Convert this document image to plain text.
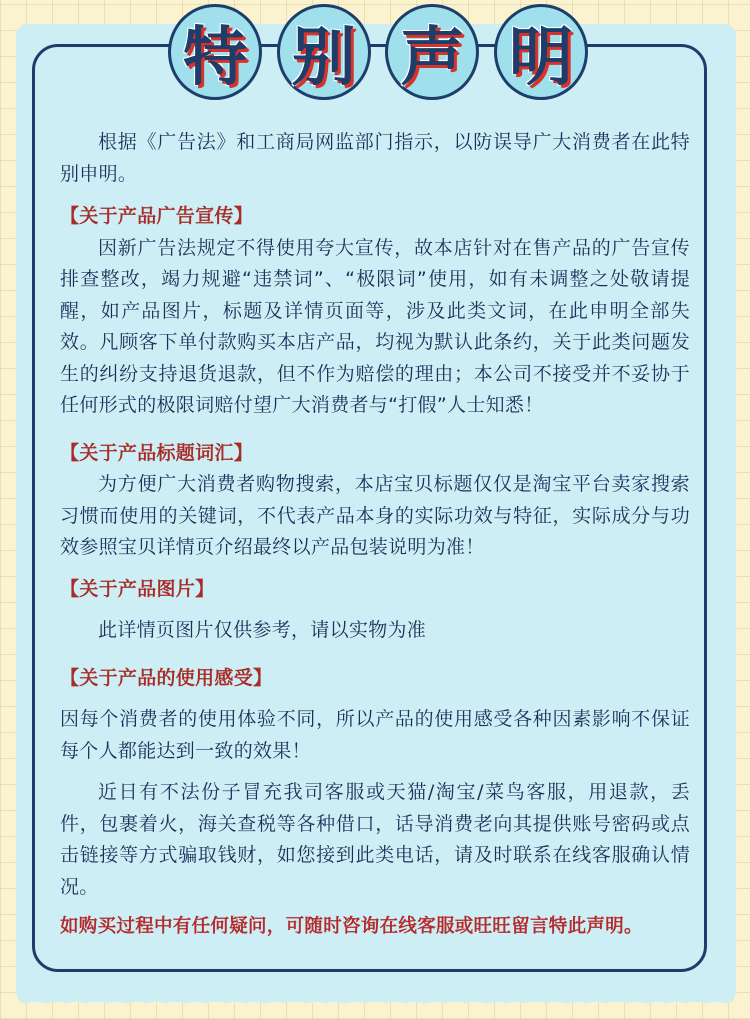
特 别 声 明

根据《广告法》和工商局网监部门指示，以防误导广大消费者在此特别申明。

【关于产品广告宣传】

因新广告法规定不得使用夸大宣传，故本店针对在售产品的广告宣传排查整改，竭力规避“违禁词”、“极限词”使用，如有未调整之处敬请提醒，如产品图片，标题及详情页面等，涉及此类文词，在此申明全部失效。凡顾客下单付款购买本店产品，均视为默认此条约，关于此类问题发生的纠纷支持退货退款，但不作为赔偿的理由；本公司不接受并不妥协于任何形式的极限词赔付望广大消费者与“打假”人士知悉！

【关于产品标题词汇】

为方便广大消费者购物搜索，本店宝贝标题仅仅是淘宝平台卖家搜索习惯而使用的关键词，不代表产品本身的实际功效与特征，实际成分与功效参照宝贝详情页介绍最终以产品包装说明为准！

【关于产品图片】

此详情页图片仅供参考，请以实物为准

【关于产品的使用感受】

因每个消费者的使用体验不同，所以产品的使用感受各种因素影响不保证每个人都能达到一致的效果！

近日有不法份子冒充我司客服或天猫/淘宝/菜鸟客服，用退款，丢件，包裹着火，海关查税等各种借口，话导消费老向其提供账号密码或点击链接等方式骗取钱财，如您接到此类电话，请及时联系在线客服确认情况。

如购买过程中有任何疑问，可随时咨询在线客服或旺旺留言特此声明。
